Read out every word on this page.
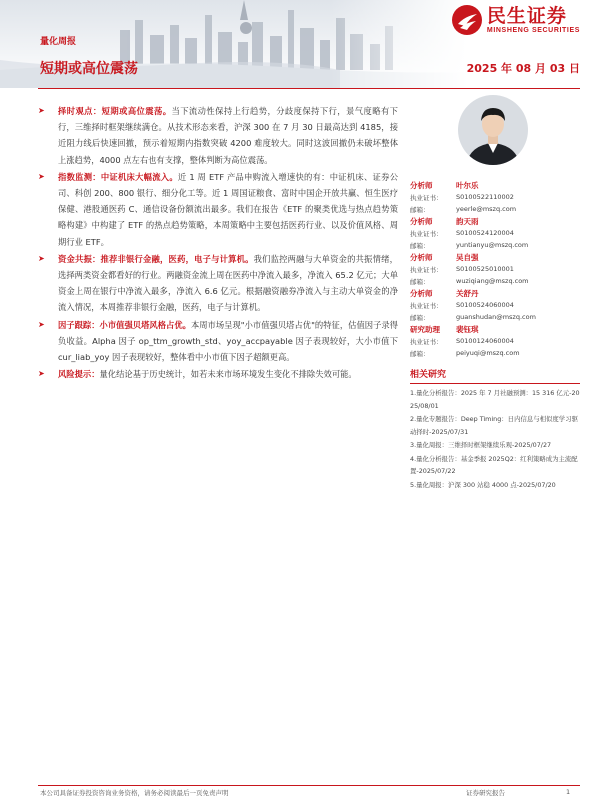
民生证券
MINSHENG SECURITIES
量化周报
短期或高位震荡	2025 年 08 月 03 日
➤ 择时观点：短期或高位震荡。当下流动性保持上行趋势，分歧度保持下行，景气度略有下行，三维择时框架继续满仓。从技术形态来看，沪深 300 在 7 月 30 日最高达到 4185，接近阻力线后快速回撤，预示着短期内指数突破 4200 难度较大。同时这波回撤仍未破坏整体上涨趋势，4000 点左右也有支撑，整体判断为高位震荡。
➤ 指数监测：中证机床大幅流入。近 1 周 ETF 产品申购流入增速快的有：中证机床、证券公司、科创 200、800 银行、细分化工等。近 1 周国证粮食、富时中国企开放共赢、恒生医疗保健、港股通医药 C、通信设备份额流出最多。我们在报告《ETF 的聚类优选与热点趋势策略构建》中构建了 ETF 的热点趋势策略，本周策略中主要包括医药行业、以及价值风格、周期行业 ETF。
➤ 资金共振：推荐非银行金融，医药，电子与计算机。我们监控两融与大单资金的共振情绪，选择两类资金都看好的行业。两融资金流上周在医药中净流入最多，净流入 65.2 亿元；大单资金上周在银行中净流入最多，净流入 6.6 亿元。根据融资融券净流入与主动大单资金的净流入情况，本周推荐非银行金融，医药，电子与计算机。
➤ 因子跟踪：小市值强贝塔风格占优。本周市场呈现"小市值强贝塔占优"的特征，估值因子录得负收益。Alpha 因子 op_ttm_growth_std、yoy_accpayable 因子表现较好，大小市值下 cur_liab_yoy 因子表现较好，整体看中小市值下因子超额更高。
➤ 风险提示：量化结论基于历史统计，如若未来市场环境发生变化不排除失效可能。
分析师	叶尔乐
执业证书：	S0100522110002
邮箱：	yeerle@mszq.com
分析师	韵天雨
执业证书：	S0100524120004
邮箱：	yuntianyu@mszq.com
分析师	吴自强
执业证书：	S0100525010001
邮箱：	wuziqiang@mszq.com
分析师	关舒丹
执业证书：	S0100524060004
邮箱：	guanshudan@mszq.com
研究助理	裴钰琪
执业证书：	S0100124060004
邮箱：	peiyuqi@mszq.com
相关研究
1.量化分析报告：2025 年 7 月社融预测：15 316 亿元-2025/08/01
2.量化专题报告：Deep Timing：日内信息与相似度学习驱动择时-2025/07/31
3.量化周报：三维择时框架继续乐观-2025/07/27
4.量化分析报告：基金季报 2025Q2：红利策略成为主流配置-2025/07/22
5.量化周报：沪深 300 站稳 4000 点-2025/07/20
本公司具备证券投资咨询业务资格，请务必阅读最后一页免责声明	证券研究报告	1
